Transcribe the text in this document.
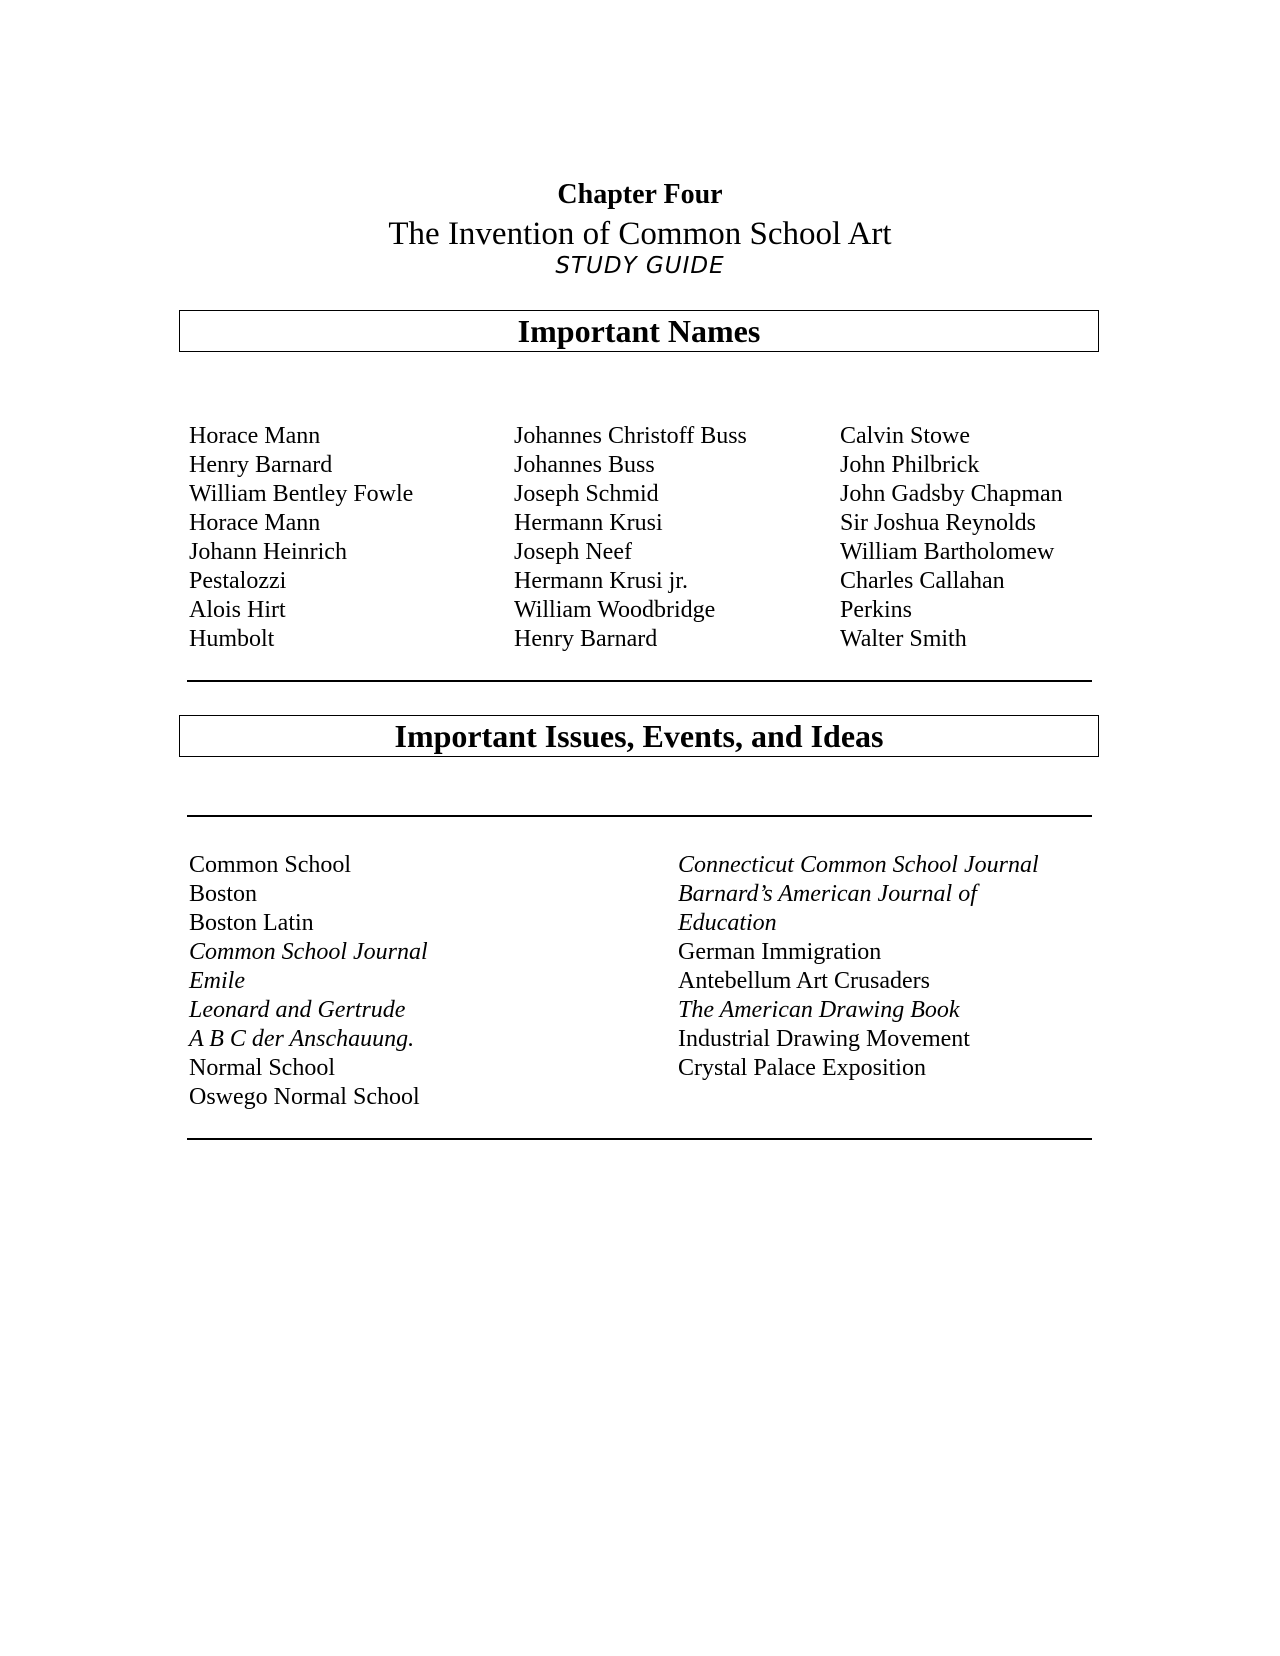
Chapter Four
The Invention of Common School Art
STUDY GUIDE
Important Names
Horace Mann
Henry Barnard
William Bentley Fowle
Horace Mann
Johann Heinrich
Pestalozzi
Alois Hirt
Humbolt
Johannes Christoff Buss
Johannes Buss
Joseph Schmid
Hermann Krusi
Joseph Neef
Hermann Krusi jr.
William Woodbridge
Henry Barnard
Calvin Stowe
John Philbrick
John Gadsby Chapman
Sir Joshua Reynolds
William Bartholomew
Charles Callahan
Perkins
Walter Smith
Important Issues, Events, and Ideas
Common School
Boston
Boston Latin
Common School Journal
Emile
Leonard and Gertrude
A B C der Anschauung.
Normal School
Oswego Normal School
Connecticut Common School Journal
Barnard’s American Journal of
Education
German Immigration
Antebellum Art Crusaders
The American Drawing Book
Industrial Drawing Movement
Crystal Palace Exposition
